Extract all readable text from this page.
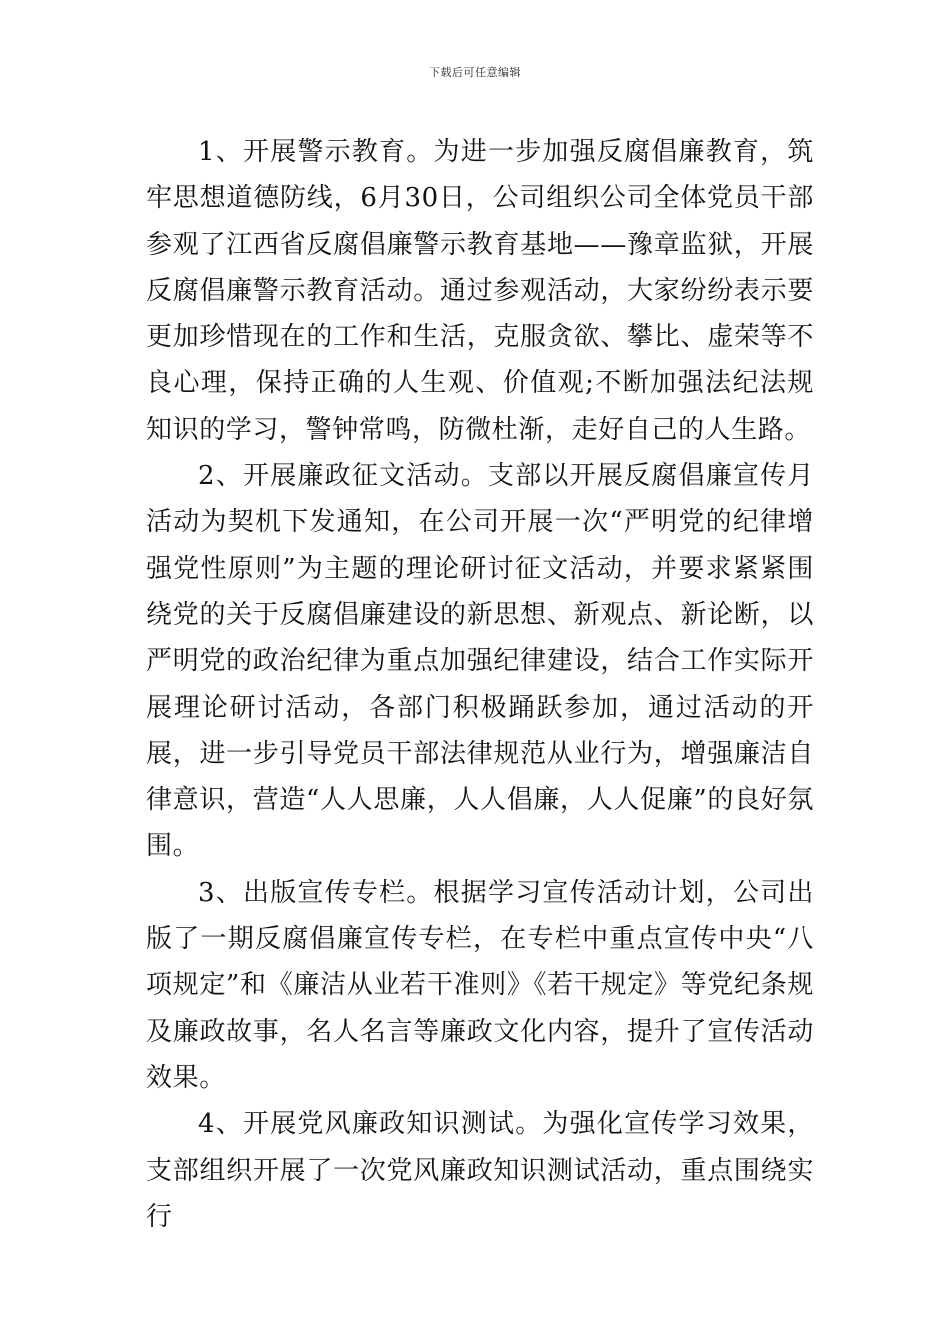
下载后可任意编辑

1、开展警示教育。为进一步加强反腐倡廉教育，筑牢思想道德防线，6月30日，公司组织公司全体党员干部参观了江西省反腐倡廉警示教育基地——豫章监狱，开展反腐倡廉警示教育活动。通过参观活动，大家纷纷表示要更加珍惜现在的工作和生活，克服贪欲、攀比、虚荣等不良心理，保持正确的人生观、价值观;不断加强法纪法规知识的学习，警钟常鸣，防微杜渐，走好自己的人生路。

2、开展廉政征文活动。支部以开展反腐倡廉宣传月活动为契机下发通知，在公司开展一次“严明党的纪律增强党性原则”为主题的理论研讨征文活动，并要求紧紧围绕党的关于反腐倡廉建设的新思想、新观点、新论断，以严明党的政治纪律为重点加强纪律建设，结合工作实际开展理论研讨活动，各部门积极踊跃参加，通过活动的开展，进一步引导党员干部法律规范从业行为，增强廉洁自律意识，营造“人人思廉，人人倡廉，人人促廉”的良好氛围。

3、出版宣传专栏。根据学习宣传活动计划，公司出版了一期反腐倡廉宣传专栏，在专栏中重点宣传中央“八项规定”和《廉洁从业若干准则》《若干规定》等党纪条规及廉政故事，名人名言等廉政文化内容，提升了宣传活动效果。

4、开展党风廉政知识测试。为强化宣传学习效果，支部组织开展了一次党风廉政知识测试活动，重点围绕实行
